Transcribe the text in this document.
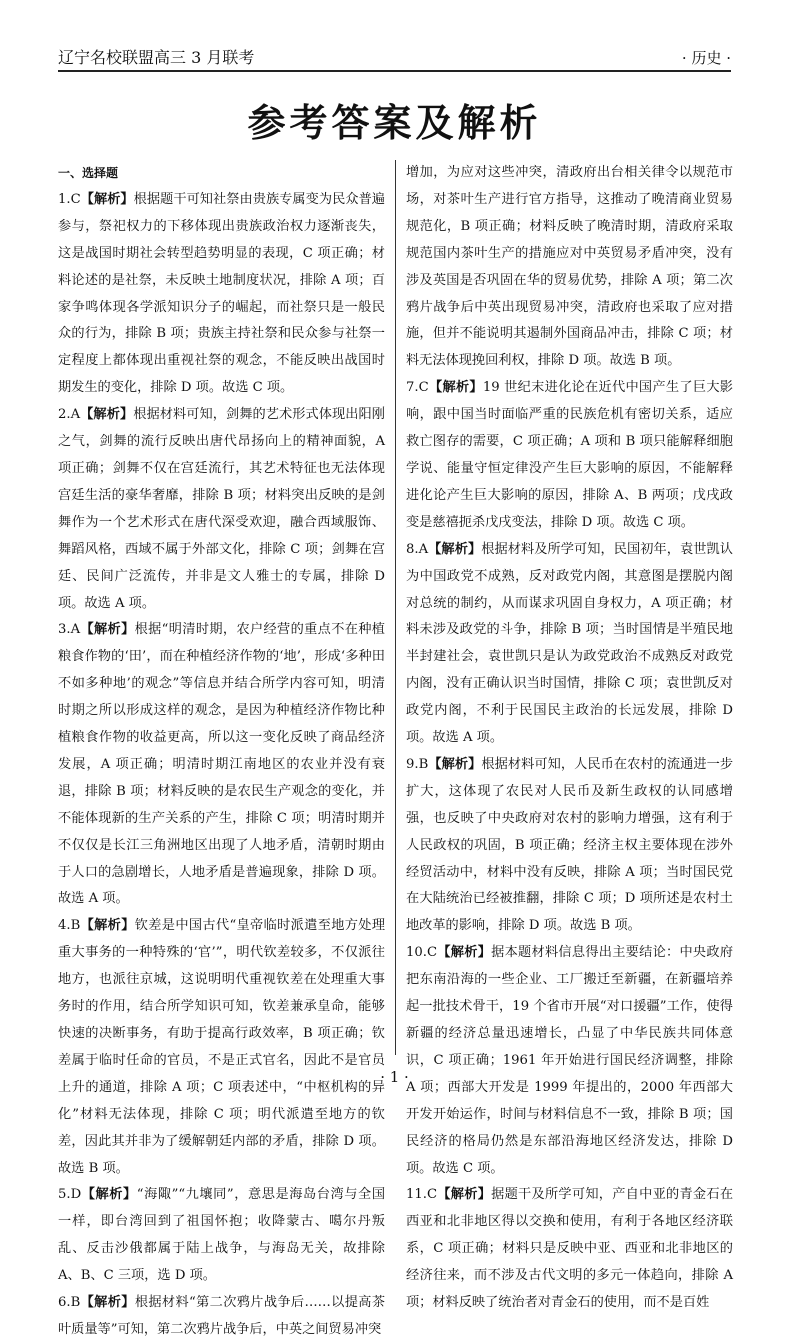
辽宁名校联盟高三 3 月联考	· 历史 ·
参考答案及解析
一、选择题

1.C【解析】根据题干可知社祭由贵族专属变为民众普遍参与，祭祀权力的下移体现出贵族政治权力逐渐丧失，这是战国时期社会转型趋势明显的表现，C 项正确；材料论述的是社祭，未反映土地制度状况，排除 A 项；百家争鸣体现各学派知识分子的崛起，而社祭只是一般民众的行为，排除 B 项；贵族主持社祭和民众参与社祭一定程度上都体现出重视社祭的观念，不能反映出战国时期发生的变化，排除 D 项。故选 C 项。

2.A【解析】根据材料可知，剑舞的艺术形式体现出阳刚之气，剑舞的流行反映出唐代昂扬向上的精神面貌，A 项正确；剑舞不仅在宫廷流行，其艺术特征也无法体现宫廷生活的豪华奢靡，排除 B 项；材料突出反映的是剑舞作为一个艺术形式在唐代深受欢迎，融合西域服饰、舞蹈风格，西域不属于外部文化，排除 C 项；剑舞在宫廷、民间广泛流传，并非是文人雅士的专属，排除 D 项。故选 A 项。

3.A【解析】根据“明清时期，农户经营的重点不在种植粮食作物的‘田’，而在种植经济作物的‘地’，形成‘多种田不如多种地’的观念”等信息并结合所学内容可知，明清时期之所以形成这样的观念，是因为种植经济作物比种植粮食作物的收益更高，所以这一变化反映了商品经济发展，A 项正确；明清时期江南地区的农业并没有衰退，排除 B 项；材料反映的是农民生产观念的变化，并不能体现新的生产关系的产生，排除 C 项；明清时期并不仅仅是长江三角洲地区出现了人地矛盾，清朝时期由于人口的急剧增长，人地矛盾是普遍现象，排除 D 项。故选 A 项。

4.B【解析】钦差是中国古代“皇帝临时派遣至地方处理重大事务的一种特殊的‘官’”，明代钦差较多，不仅派往地方，也派往京城，这说明明代重视钦差在处理重大事务时的作用，结合所学知识可知，钦差兼承皇命，能够快速的决断事务，有助于提高行政效率，B 项正确；钦差属于临时任命的官员，不是正式官名，因此不是官员上升的通道，排除 A 项；C 项表述中，“中枢机构的异化”材料无法体现，排除 C 项；明代派遣至地方的钦差，因此其并非为了缓解朝廷内部的矛盾，排除 D 项。故选 B 项。

5.D【解析】“海陬”“九壤同”，意思是海岛台湾与全国一样，即台湾回到了祖国怀抱；收降蒙古、噶尔丹叛乱、反击沙俄都属于陆上战争，与海岛无关，故排除 A、B、C 三项，选 D 项。

6.B【解析】根据材料“第二次鸦片战争后……以提高茶叶质量等”可知，第二次鸦片战争后，中英之间贸易冲突

增加，为应对这些冲突，清政府出台相关律令以规范市场，对茶叶生产进行官方指导，这推动了晚清商业贸易规范化，B 项正确；材料反映了晚清时期，清政府采取规范国内茶叶生产的措施应对中英贸易矛盾冲突，没有涉及英国是否巩固在华的贸易优势，排除 A 项；第二次鸦片战争后中英出现贸易冲突，清政府也采取了应对措施，但并不能说明其遏制外国商品冲击，排除 C 项；材料无法体现挽回利权，排除 D 项。故选 B 项。

7.C【解析】19 世纪末进化论在近代中国产生了巨大影响，跟中国当时面临严重的民族危机有密切关系，适应救亡图存的需要，C 项正确；A 项和 B 项只能解释细胞学说、能量守恒定律没产生巨大影响的原因，不能解释进化论产生巨大影响的原因，排除 A、B 两项；戊戌政变是慈禧扼杀戊戌变法，排除 D 项。故选 C 项。

8.A【解析】根据材料及所学可知，民国初年，袁世凯认为中国政党不成熟，反对政党内阁，其意图是摆脱内阁对总统的制约，从而谋求巩固自身权力，A 项正确；材料未涉及政党的斗争，排除 B 项；当时国情是半殖民地半封建社会，袁世凯只是认为政党政治不成熟反对政党内阁，没有正确认识当时国情，排除 C 项；袁世凯反对政党内阁，不利于民国民主政治的长远发展，排除 D 项。故选 A 项。

9.B【解析】根据材料可知，人民币在农村的流通进一步扩大，这体现了农民对人民币及新生政权的认同感增强，也反映了中央政府对农村的影响力增强，这有利于人民政权的巩固，B 项正确；经济主权主要体现在涉外经贸活动中，材料中没有反映，排除 A 项；当时国民党在大陆统治已经被推翻，排除 C 项；D 项所述是农村土地改革的影响，排除 D 项。故选 B 项。

10.C【解析】据本题材料信息得出主要结论：中央政府把东南沿海的一些企业、工厂搬迁至新疆，在新疆培养起一批技术骨干，19 个省市开展“对口援疆”工作，使得新疆的经济总量迅速增长，凸显了中华民族共同体意识，C 项正确；1961 年开始进行国民经济调整，排除 A 项；西部大开发是 1999 年提出的，2000 年西部大开发开始运作，时间与材料信息不一致，排除 B 项；国民经济的格局仍然是东部沿海地区经济发达，排除 D 项。故选 C 项。

11.C【解析】据题干及所学可知，产自中亚的青金石在西亚和北非地区得以交换和使用，有利于各地区经济联系，C 项正确；材料只是反映中亚、西亚和北非地区的经济往来，而不涉及古代文明的多元一体趋向，排除 A 项；材料反映了统治者对青金石的使用，而不是百姓

· 1 ·
